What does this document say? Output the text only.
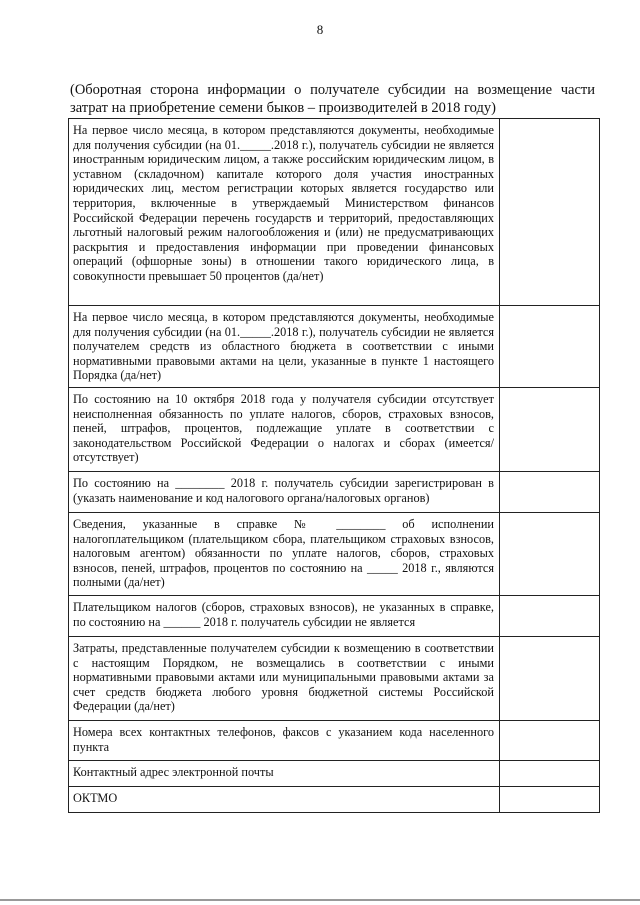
8
(Оборотная сторона информации о получателе субсидии на возмещение части затрат на приобретение семени быков – производителей в 2018 году)
На первое число месяца, в котором представляются документы, необходимые для получения субсидии (на 01._____.2018 г.), получатель субсидии не является иностранным юридическим лицом, а также российским юридическим лицом, в уставном (складочном) капитале которого доля участия иностранных юридических лиц, местом регистрации которых является государство или территория, включенные в утверждаемый Министерством финансов Российской Федерации перечень государств и территорий, предоставляющих льготный налоговый режим налогообложения и (или) не предусматривающих раскрытия и предоставления информации при проведении финансовых операций (офшорные зоны) в отношении такого юридического лица, в совокупности превышает 50 процентов (да/нет)	
На первое число месяца, в котором представляются документы, необходимые для получения субсидии (на 01._____.2018 г.), получатель субсидии не является получателем средств из областного бюджета в соответствии с иными нормативными правовыми актами на цели, указанные в пункте 1 настоящего Порядка (да/нет)	
По состоянию на 10 октября 2018 года у получателя субсидии отсутствует неисполненная обязанность по уплате налогов, сборов, страховых взносов, пеней, штрафов, процентов, подлежащие уплате в соответствии с законодательством Российской Федерации о налогах и сборах (имеется/отсутствует)	
По состоянию на ________ 2018 г. получатель субсидии зарегистрирован в (указать наименование и код налогового органа/налоговых органов)	
Сведения, указанные в справке № ________ об исполнении налогоплательщиком (плательщиком сбора, плательщиком страховых взносов, налоговым агентом) обязанности по уплате налогов, сборов, страховых взносов, пеней, штрафов, процентов по состоянию на _____ 2018 г., являются полными (да/нет)	
Плательщиком налогов (сборов, страховых взносов), не указанных в справке, по состоянию на ______ 2018 г. получатель субсидии не является	
Затраты, представленные получателем субсидии к возмещению в соответствии с настоящим Порядком, не возмещались в соответствии с иными нормативными правовыми актами или муниципальными правовыми актами за счет средств бюджета любого уровня бюджетной системы Российской Федерации (да/нет)	
Номера всех контактных телефонов, факсов с указанием кода населенного пункта	
Контактный адрес электронной почты	
ОКТМО	
